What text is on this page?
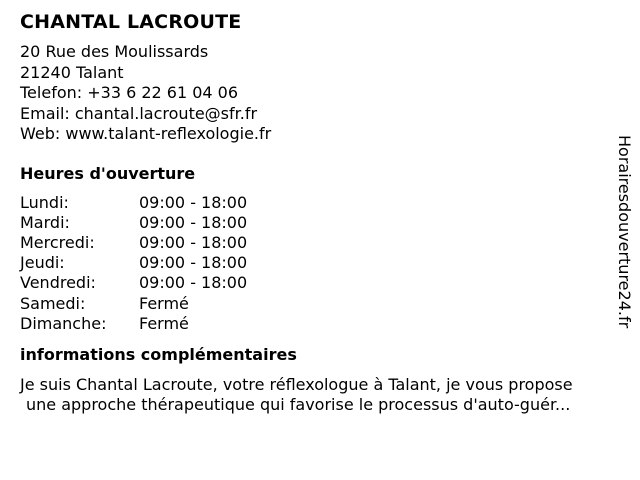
CHANTAL LACROUTE
20 Rue des Moulissards
21240 Talant
Telefon: +33 6 22 61 04 06
Email: chantal.lacroute@sfr.fr
Web: www.talant-reflexologie.fr
Heures d'ouverture
Lundi:	09:00 - 18:00
Mardi:	09:00 - 18:00
Mercredi:	09:00 - 18:00
Jeudi:	09:00 - 18:00
Vendredi:	09:00 - 18:00
Samedi:	Fermé
Dimanche:	Fermé
informations complémentaires
Je suis Chantal Lacroute, votre réflexologue à Talant, je vous propose
une approche thérapeutique qui favorise le processus d'auto-guér...
Horairesdouverture24.fr
